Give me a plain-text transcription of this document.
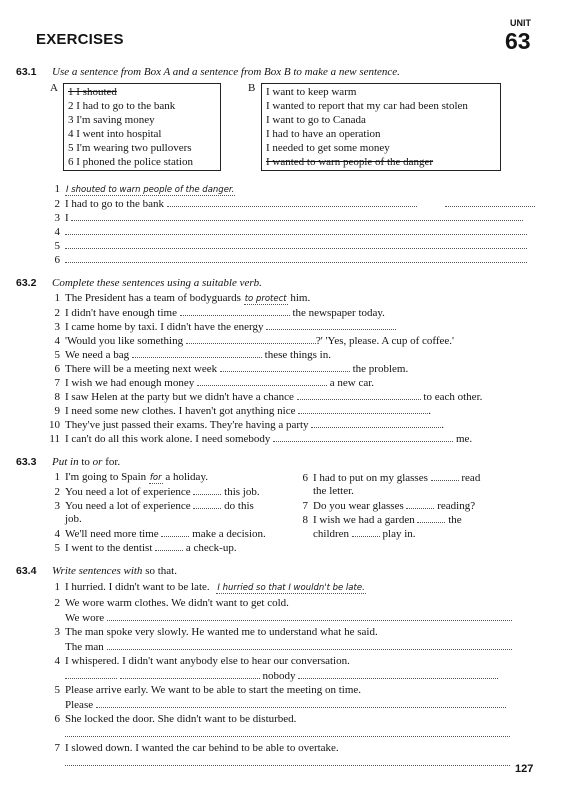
EXERCISES
UNIT
63
63.1 Use a sentence from Box A and a sentence from Box B to make a new sentence.
A 1 I shouted
2 I had to go to the bank
3 I'm saving money
4 I went into hospital
5 I'm wearing two pullovers
6 I phoned the police station
B I want to keep warm
I wanted to report that my car had been stolen
I want to go to Canada
I had to have an operation
I needed to get some money
I wanted to warn people of the danger
1 I shouted to warn people of the danger.
2 I had to go to the bank
3 I
4
5
6
63.2 Complete these sentences using a suitable verb.
1 The President has a team of bodyguards to protect him.
2 I didn't have enough time	the newspaper today.
3 I came home by taxi. I didn't have the energy
4 'Would you like something	?' 'Yes, please. A cup of coffee.'
5 We need a bag	these things in.
6 There will be a meeting next week	the problem.
7 I wish we had enough money	a new car.
8 I saw Helen at the party but we didn't have a chance	to each other.
9 I need some new clothes. I haven't got anything nice	.
10 They've just passed their exams. They're having a party	.
11 I can't do all this work alone. I need somebody	me.
63.3 Put in to or for.
1 I'm going to Spain for a holiday.
2 You need a lot of experience	this job.
3 You need a lot of experience	do this
job.
4 We'll need more time	make a decision.
5 I went to the dentist	a check-up.
6 I had to put on my glasses	read
the letter.
7 Do you wear glasses	reading?
8 I wish we had a garden	the
children	play in.
63.4 Write sentences with so that.
1 I hurried. I didn't want to be late. I hurried so that I wouldn't be late.
2 We wore warm clothes. We didn't want to get cold.
We wore
3 The man spoke very slowly. He wanted me to understand what he said.
The man
4 I whispered. I didn't want anybody else to hear our conversation.
nobody
5 Please arrive early. We want to be able to start the meeting on time.
Please
6 She locked the door. She didn't want to be disturbed.
7 I slowed down. I wanted the car behind to be able to overtake.
127
